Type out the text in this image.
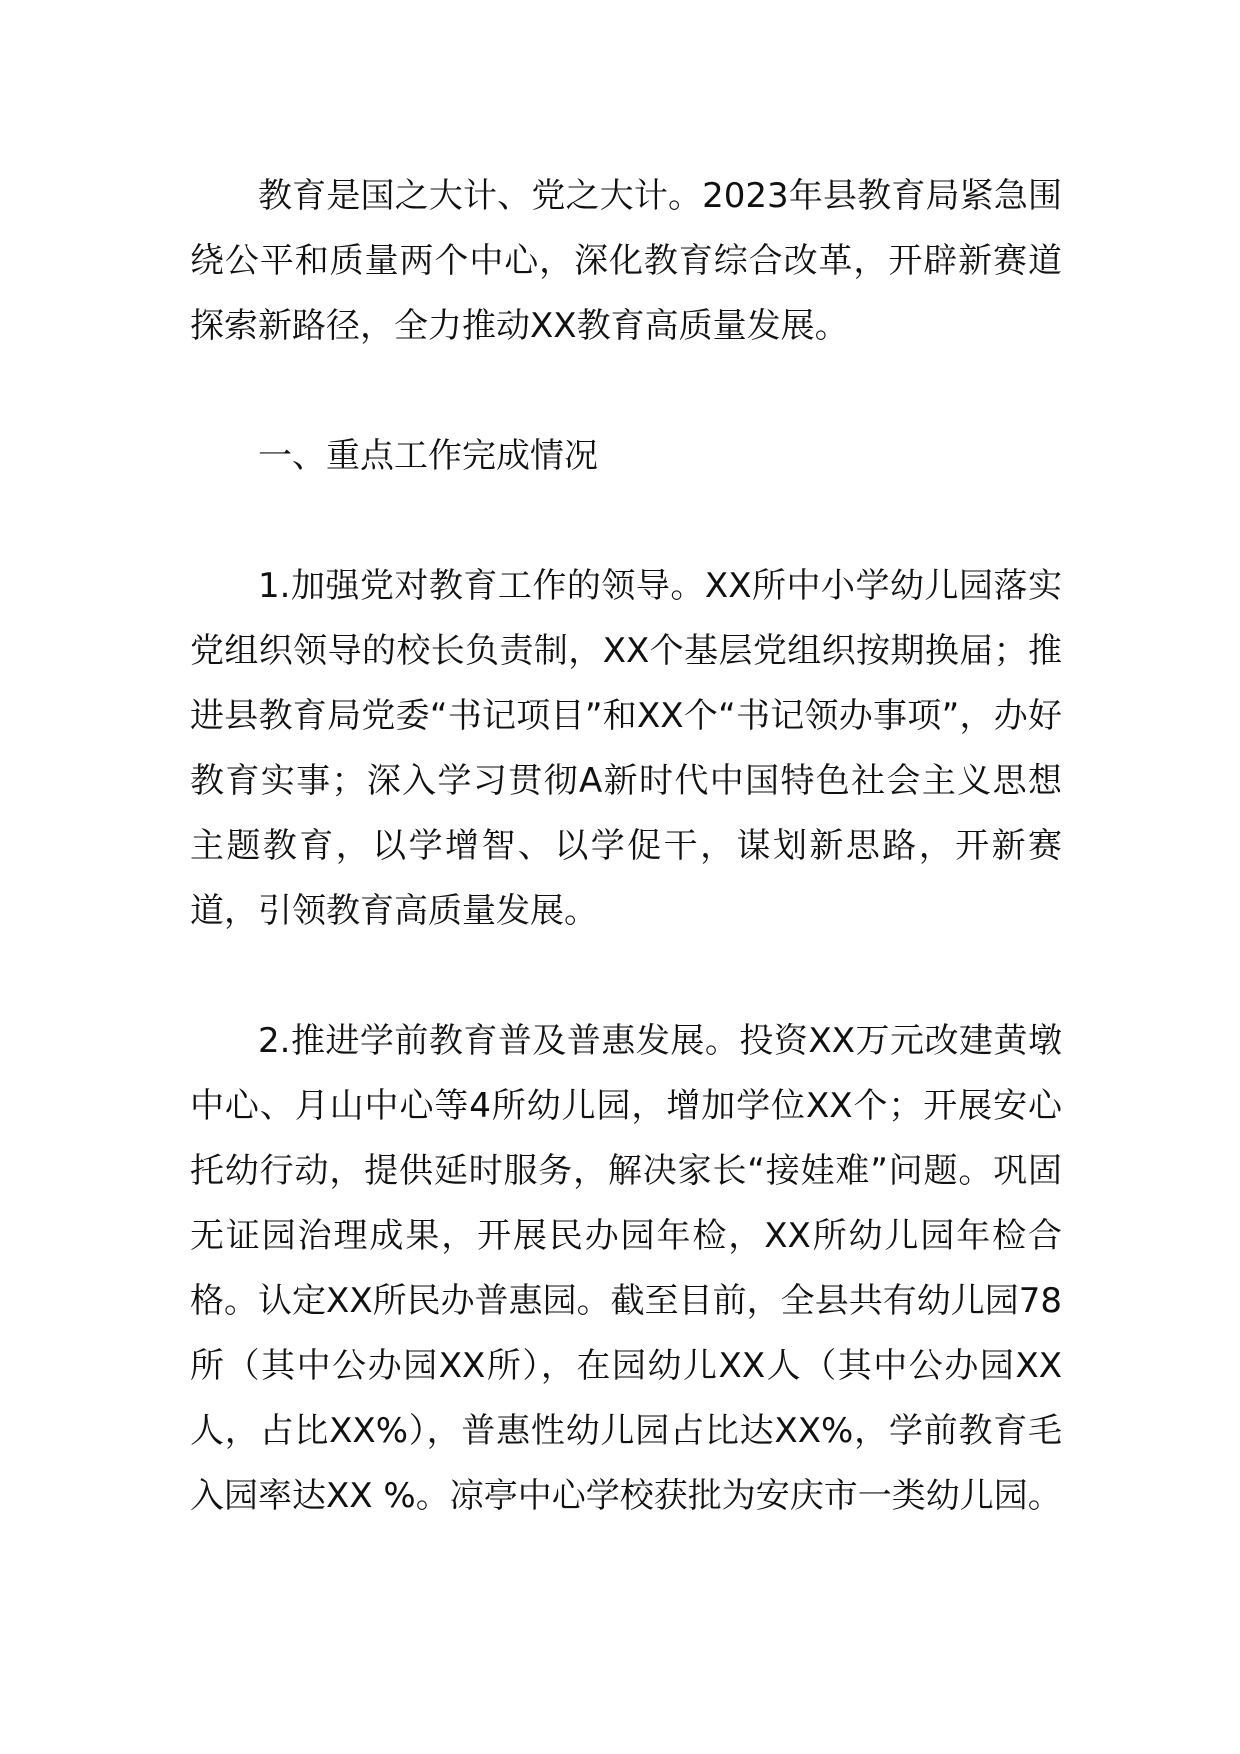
教育是国之大计、党之大计。2023年县教育局紧急围绕公平和质量两个中心，深化教育综合改革，开辟新赛道探索新路径，全力推动XX教育高质量发展。

一、重点工作完成情况

1.加强党对教育工作的领导。XX所中小学幼儿园落实党组织领导的校长负责制，XX个基层党组织按期换届；推进县教育局党委“书记项目”和XX个“书记领办事项”，办好教育实事；深入学习贯彻A新时代中国特色社会主义思想主题教育，以学增智、以学促干，谋划新思路，开新赛道，引领教育高质量发展。

2.推进学前教育普及普惠发展。投资XX万元改建黄墩中心、月山中心等4所幼儿园，增加学位XX个；开展安心托幼行动，提供延时服务，解决家长“接娃难”问题。巩固无证园治理成果，开展民办园年检，XX所幼儿园年检合格。认定XX所民办普惠园。截至目前，全县共有幼儿园78所（其中公办园XX所），在园幼儿XX人（其中公办园XX人，占比XX%），普惠性幼儿园占比达XX%，学前教育毛入园率达XX %。凉亭中心学校获批为安庆市一类幼儿园。
